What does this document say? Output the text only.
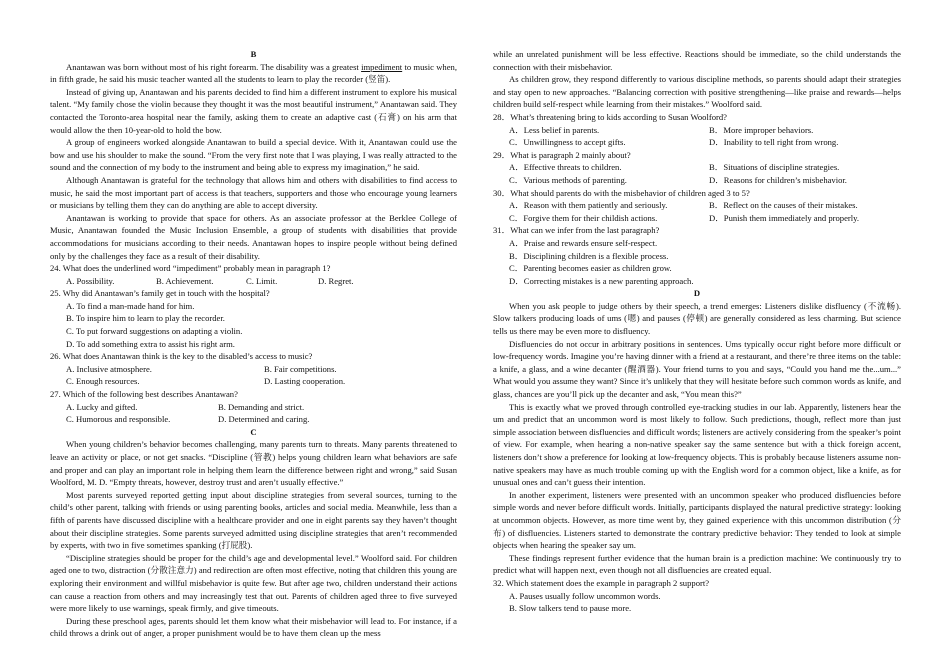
B

Anantawan was born without most of his right forearm. The disability was a greatest impediment to music when, in fifth grade, he said his music teacher wanted all the students to learn to play the recorder (竖笛).

Instead of giving up, Anantawan and his parents decided to find him a different instrument to explore his musical talent. “My family chose the violin because they thought it was the most beautiful instrument,” Anantawan said. They contacted the Toronto-area hospital near the family, asking them to create an adaptive cast (石膏) on his arm that would allow the then 10-year-old to hold the bow.

A group of engineers worked alongside Anantawan to build a special device. With it, Anantawan could use the bow and use his shoulder to make the sound. “From the very first note that I was playing, I was really attracted to the sound and the connection of my body to the instrument and being able to express my imagination,” he said.

Although Anantawan is grateful for the technology that allows him and others with disabilities to find access to music, he said the most important part of access is that teachers, supporters and those who encourage young learners or musicians by telling them they can do anything are able to accept diversity.

Anantawan is working to provide that space for others. As an associate professor at the Berklee College of Music, Anantawan founded the Music Inclusion Ensemble, a group of students with disabilities that provide accommodations for musicians according to their needs. Anantawan hopes to inspire people without being defined only by the challenges they face as a result of their disability.

24. What does the underlined word “impediment” probably mean in paragraph 1?
A. Possibility.	B. Achievement.	C. Limit.	D. Regret.
25. Why did Anantawan’s family get in touch with the hospital?
A. To find a man-made hand for him.
B. To inspire him to learn to play the recorder.
C. To put forward suggestions on adapting a violin.
D. To add something extra to assist his right arm.
26. What does Anantawan think is the key to the disabled’s access to music?
A. Inclusive atmosphere.	B. Fair competitions.
C. Enough resources.	D. Lasting cooperation.
27. Which of the following best describes Anantawan?
A. Lucky and gifted.	B. Demanding and strict.
C. Humorous and responsible.	D. Determined and caring.
C

When young children’s behavior becomes challenging, many parents turn to threats. Many parents threatened to leave an activity or place, or not get snacks. “Discipline (管教) helps young children learn what behaviors are safe and proper and can play an important role in helping them learn the difference between right and wrong,” said Susan Woolford, M. D. “Empty threats, however, destroy trust and aren’t usually effective.”

Most parents surveyed reported getting input about discipline strategies from several sources, turning to the child’s other parent, talking with friends or using parenting books, articles and social media. Meanwhile, less than a fifth of parents have discussed discipline with a healthcare provider and one in eight parents say they haven’t thought about their discipline strategies. Some parents surveyed admitted using discipline strategies that aren’t recommended by experts, with two in five sometimes spanking (打屁股).

“Discipline strategies should be proper for the child’s age and developmental level.” Woolford said. For children aged one to two, distraction (分散注意力) and redirection are often most effective, noting that children this young are exploring their environment and willful misbehavior is quite few. But after age two, children understand their actions can cause a reaction from others and may increasingly test that out. Parents of children aged three to five surveyed were more likely to use warnings, speak firmly, and give timeouts.

During these preschool ages, parents should let them know what their misbehavior will lead to. For instance, if a child throws a drink out of anger, a proper punishment would be to have them clean up the mess

while an unrelated punishment will be less effective. Reactions should be immediate, so the child understands the connection with their misbehavior.

As children grow, they respond differently to various discipline methods, so parents should adapt their strategies and stay open to new approaches. “Balancing correction with positive strengthening—like praise and rewards—helps children build self-respect while learning from their mistakes.” Woolford said.

28．What’s threatening bring to kids according to Susan Woolford?
A．Less belief in parents.	B．More improper behaviors.
C．Unwillingness to accept gifts.	D．Inability to tell right from wrong.
29．What is paragraph 2 mainly about?
A．Effective threats to children.	B．Situations of discipline strategies.
C．Various methods of parenting.	D．Reasons for children’s misbehavior.
30．What should parents do with the misbehavior of children aged 3 to 5?
A．Reason with them patiently and seriously.	B．Reflect on the causes of their mistakes.
C．Forgive them for their childish actions.	D．Punish them immediately and properly.
31．What can we infer from the last paragraph?
A．Praise and rewards ensure self-respect.
B．Disciplining children is a flexible process.
C．Parenting becomes easier as children grow.
D．Correcting mistakes is a new parenting approach.
D

When you ask people to judge others by their speech, a trend emerges: Listeners dislike disfluency (不流畅). Slow talkers producing loads of ums (嗯) and pauses (停顿) are generally considered as less charming. But science tells us there may be even more to disfluency.

Disfluencies do not occur in arbitrary positions in sentences. Ums typically occur right before more difficult or low-frequency words. Imagine you’re having dinner with a friend at a restaurant, and there’re three items on the table: a knife, a glass, and a wine decanter (醒酒器). Your friend turns to you and says, “Could you hand me the...um...” What would you assume they want? Since it’s unlikely that they will hesitate before such common words as knife, and glass, chances are you’ll pick up the decanter and ask, “You mean this?”

This is exactly what we proved through controlled eye-tracking studies in our lab. Apparently, listeners hear the um and predict that an uncommon word is most likely to follow. Such predictions, though, reflect more than just simple association between disfluencies and difficult words; listeners are actively considering from the speaker’s point of view. For example, when hearing a non-native speaker say the same sentence but with a thick foreign accent, listeners don’t show a preference for looking at low-frequency objects. This is probably because listeners assume non-native speakers may have as much trouble coming up with the English word for a common object, like a knife, as for unusual ones and can’t guess their intention.

In another experiment, listeners were presented with an uncommon speaker who produced disfluencies before simple words and never before difficult words. Initially, participants displayed the natural predictive strategy: looking at uncommon objects. However, as more time went by, they gained experience with this uncommon distribution (分布) of disfluencies. Listeners started to demonstrate the contrary predictive behavior: They tended to look at simple objects when hearing the speaker say um.

These findings represent further evidence that the human brain is a prediction machine: We continuously try to predict what will happen next, even though not all disfluencies are created equal.

32. Which statement does the example in paragraph 2 support?
A. Pauses usually follow uncommon words.
B. Slow talkers tend to pause more.
